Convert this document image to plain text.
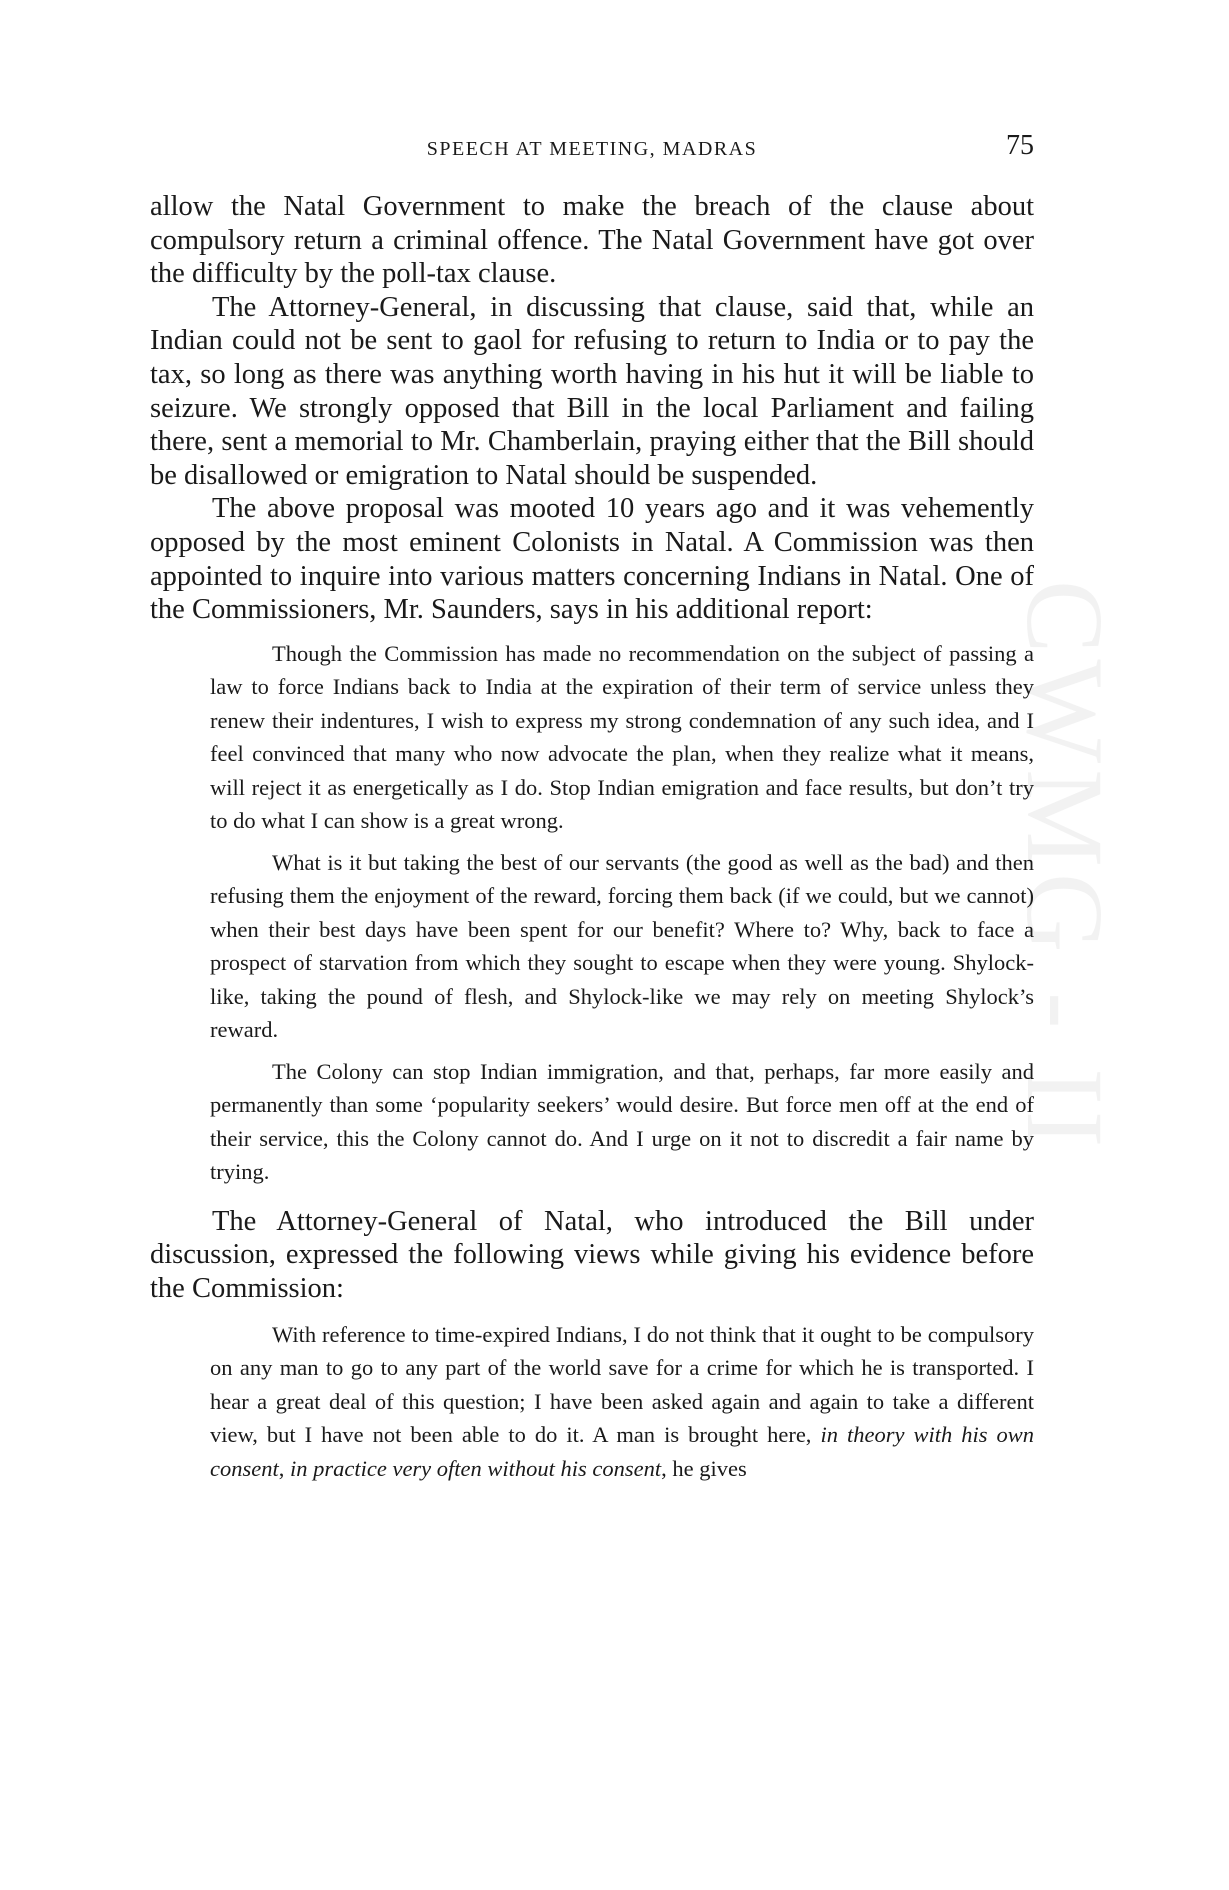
CWMG - II
SPEECH AT MEETING, MADRAS	75

allow the Natal Government to make the breach of the clause about compulsory return a criminal offence. The Natal Government have got over the difficulty by the poll-tax clause.

The Attorney-General, in discussing that clause, said that, while an Indian could not be sent to gaol for refusing to return to India or to pay the tax, so long as there was anything worth having in his hut it will be liable to seizure. We strongly opposed that Bill in the local Parliament and failing there, sent a memorial to Mr. Chamberlain, praying either that the Bill should be disallowed or emigration to Natal should be suspended.

The above proposal was mooted 10 years ago and it was vehemently opposed by the most eminent Colonists in Natal. A Commission was then appointed to inquire into various matters concerning Indians in Natal. One of the Commissioners, Mr. Saunders, says in his additional report:

Though the Commission has made no recommendation on the subject of passing a law to force Indians back to India at the expiration of their term of service unless they renew their indentures, I wish to express my strong condemnation of any such idea, and I feel convinced that many who now advocate the plan, when they realize what it means, will reject it as energetically as I do. Stop Indian emigration and face results, but don’t try to do what I can show is a great wrong.

What is it but taking the best of our servants (the good as well as the bad) and then refusing them the enjoyment of the reward, forcing them back (if we could, but we cannot) when their best days have been spent for our benefit? Where to? Why, back to face a prospect of starvation from which they sought to escape when they were young. Shylock-like, taking the pound of flesh, and Shylock-like we may rely on meeting Shylock’s reward.

The Colony can stop Indian immigration, and that, perhaps, far more easily and permanently than some ‘popularity seekers’ would desire. But force men off at the end of their service, this the Colony cannot do. And I urge on it not to discredit a fair name by trying.

The Attorney-General of Natal, who introduced the Bill under discussion, expressed the following views while giving his evidence before the Commission:

With reference to time-expired Indians, I do not think that it ought to be compulsory on any man to go to any part of the world save for a crime for which he is transported. I hear a great deal of this question; I have been asked again and again to take a different view, but I have not been able to do it. A man is brought here, in theory with his own consent, in practice very often without his consent, he gives
